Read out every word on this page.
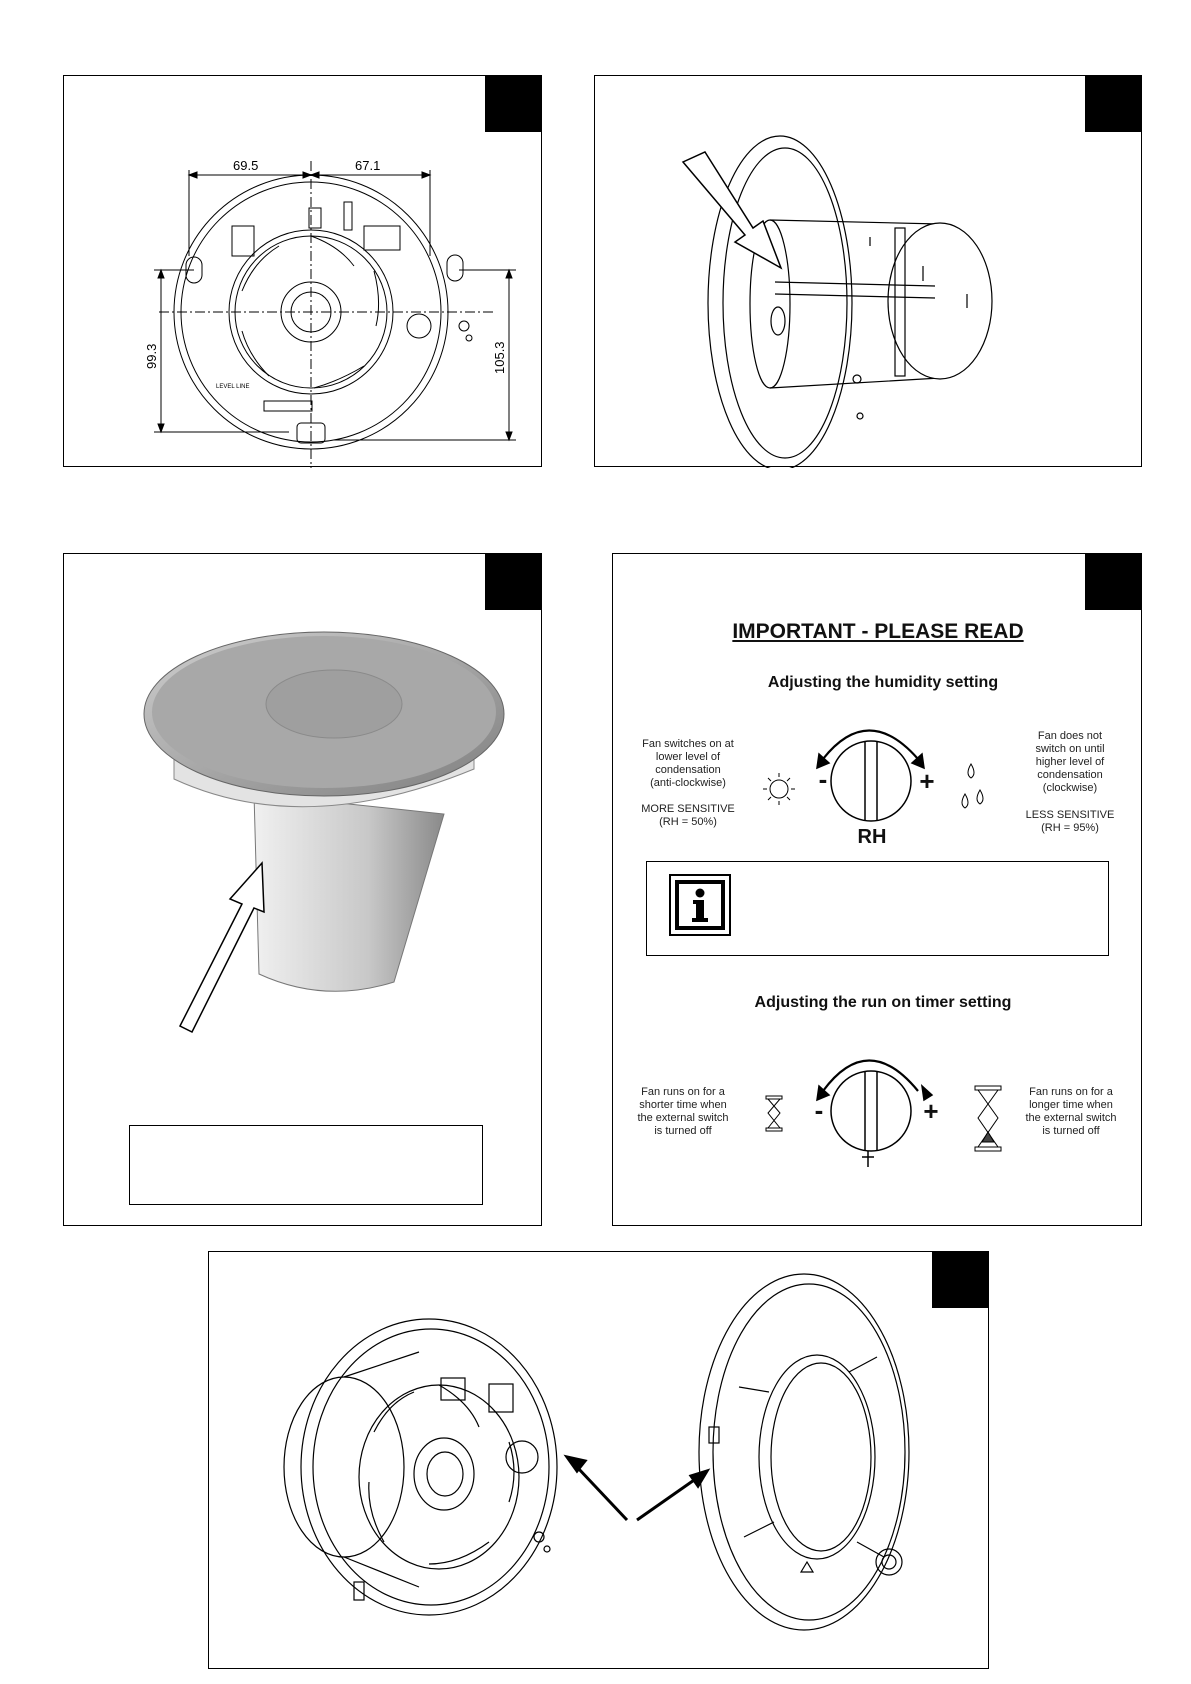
69.5	67.1
99.3	105.3
LEVEL LINE
IMPORTANT - PLEASE READ
Adjusting the humidity setting
Fan switches on at
lower level of
condensation
(anti-clockwise)
MORE SENSITIVE
(RH = 50%)
Fan does not
switch on until
higher level of
condensation
(clockwise)
LESS SENSITIVE
(RH = 95%)
-	+
RH
Adjusting the run on timer setting
Fan runs on for a
shorter time when
the external switch
is turned off
Fan runs on for a
longer time when
the external switch
is turned off
-	+
